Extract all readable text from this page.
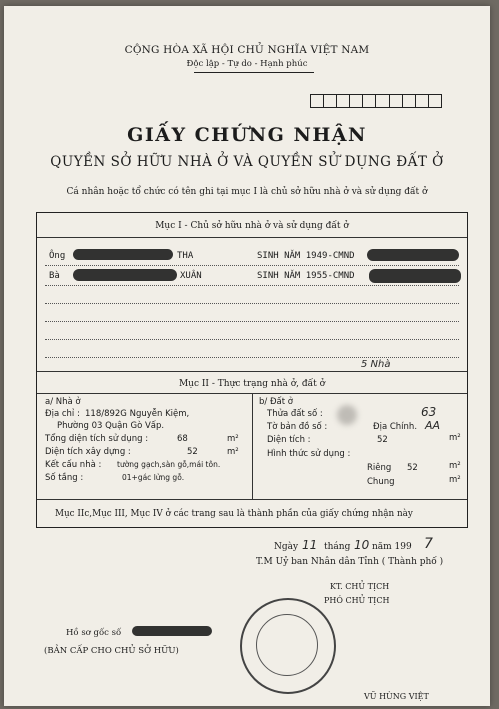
CỘNG HÒA XÃ HỘI CHỦ NGHĨA VIỆT NAM
Độc lập - Tự do - Hạnh phúc
GIẤY CHỨNG NHẬN
QUYỀN SỞ HỮU NHÀ Ở VÀ QUYỀN SỬ DỤNG ĐẤT Ở
Cá nhân hoặc tổ chức có tên ghi tại mục I là chủ sở hữu nhà ở và sử dụng đất ở
Mục I - Chủ sở hữu nhà ở và sử dụng đất ở
Ông	THA	SINH NĂM 1949-CMND
Bà	XUÂN	SINH NĂM 1955-CMND
5 Nhà
Mục II - Thực trạng nhà ở, đất ở
a/ Nhà ở
Địa chỉ : 118/892G Nguyễn Kiệm,
Phường 03 Quận Gò Vấp.
Tổng diện tích sử dụng :	68	m²
Diện tích xây dựng :	52	m²
Kết cấu nhà : tường gạch,sàn gỗ,mái tôn.
Số tầng :	01+gác lửng gỗ.
b/ Đất ở
Thửa đất số :	63
Tờ bản đồ số :	Địa Chính. AA
Diện tích :	52	m²
Hình thức sử dụng :
Riêng 52	m²
Chung	m²
Mục IIc,Mục III, Mục IV ở các trang sau là thành phần của giấy chứng nhận này
Ngày 11 tháng 10 năm 199 7
T.M Uỷ ban Nhân dân Tỉnh ( Thành phố )
KT. CHỦ TỊCH
PHÓ CHỦ TỊCH
VŨ HÙNG VIỆT
Hồ sơ gốc số
(BẢN CẤP CHO CHỦ SỞ HỮU)
